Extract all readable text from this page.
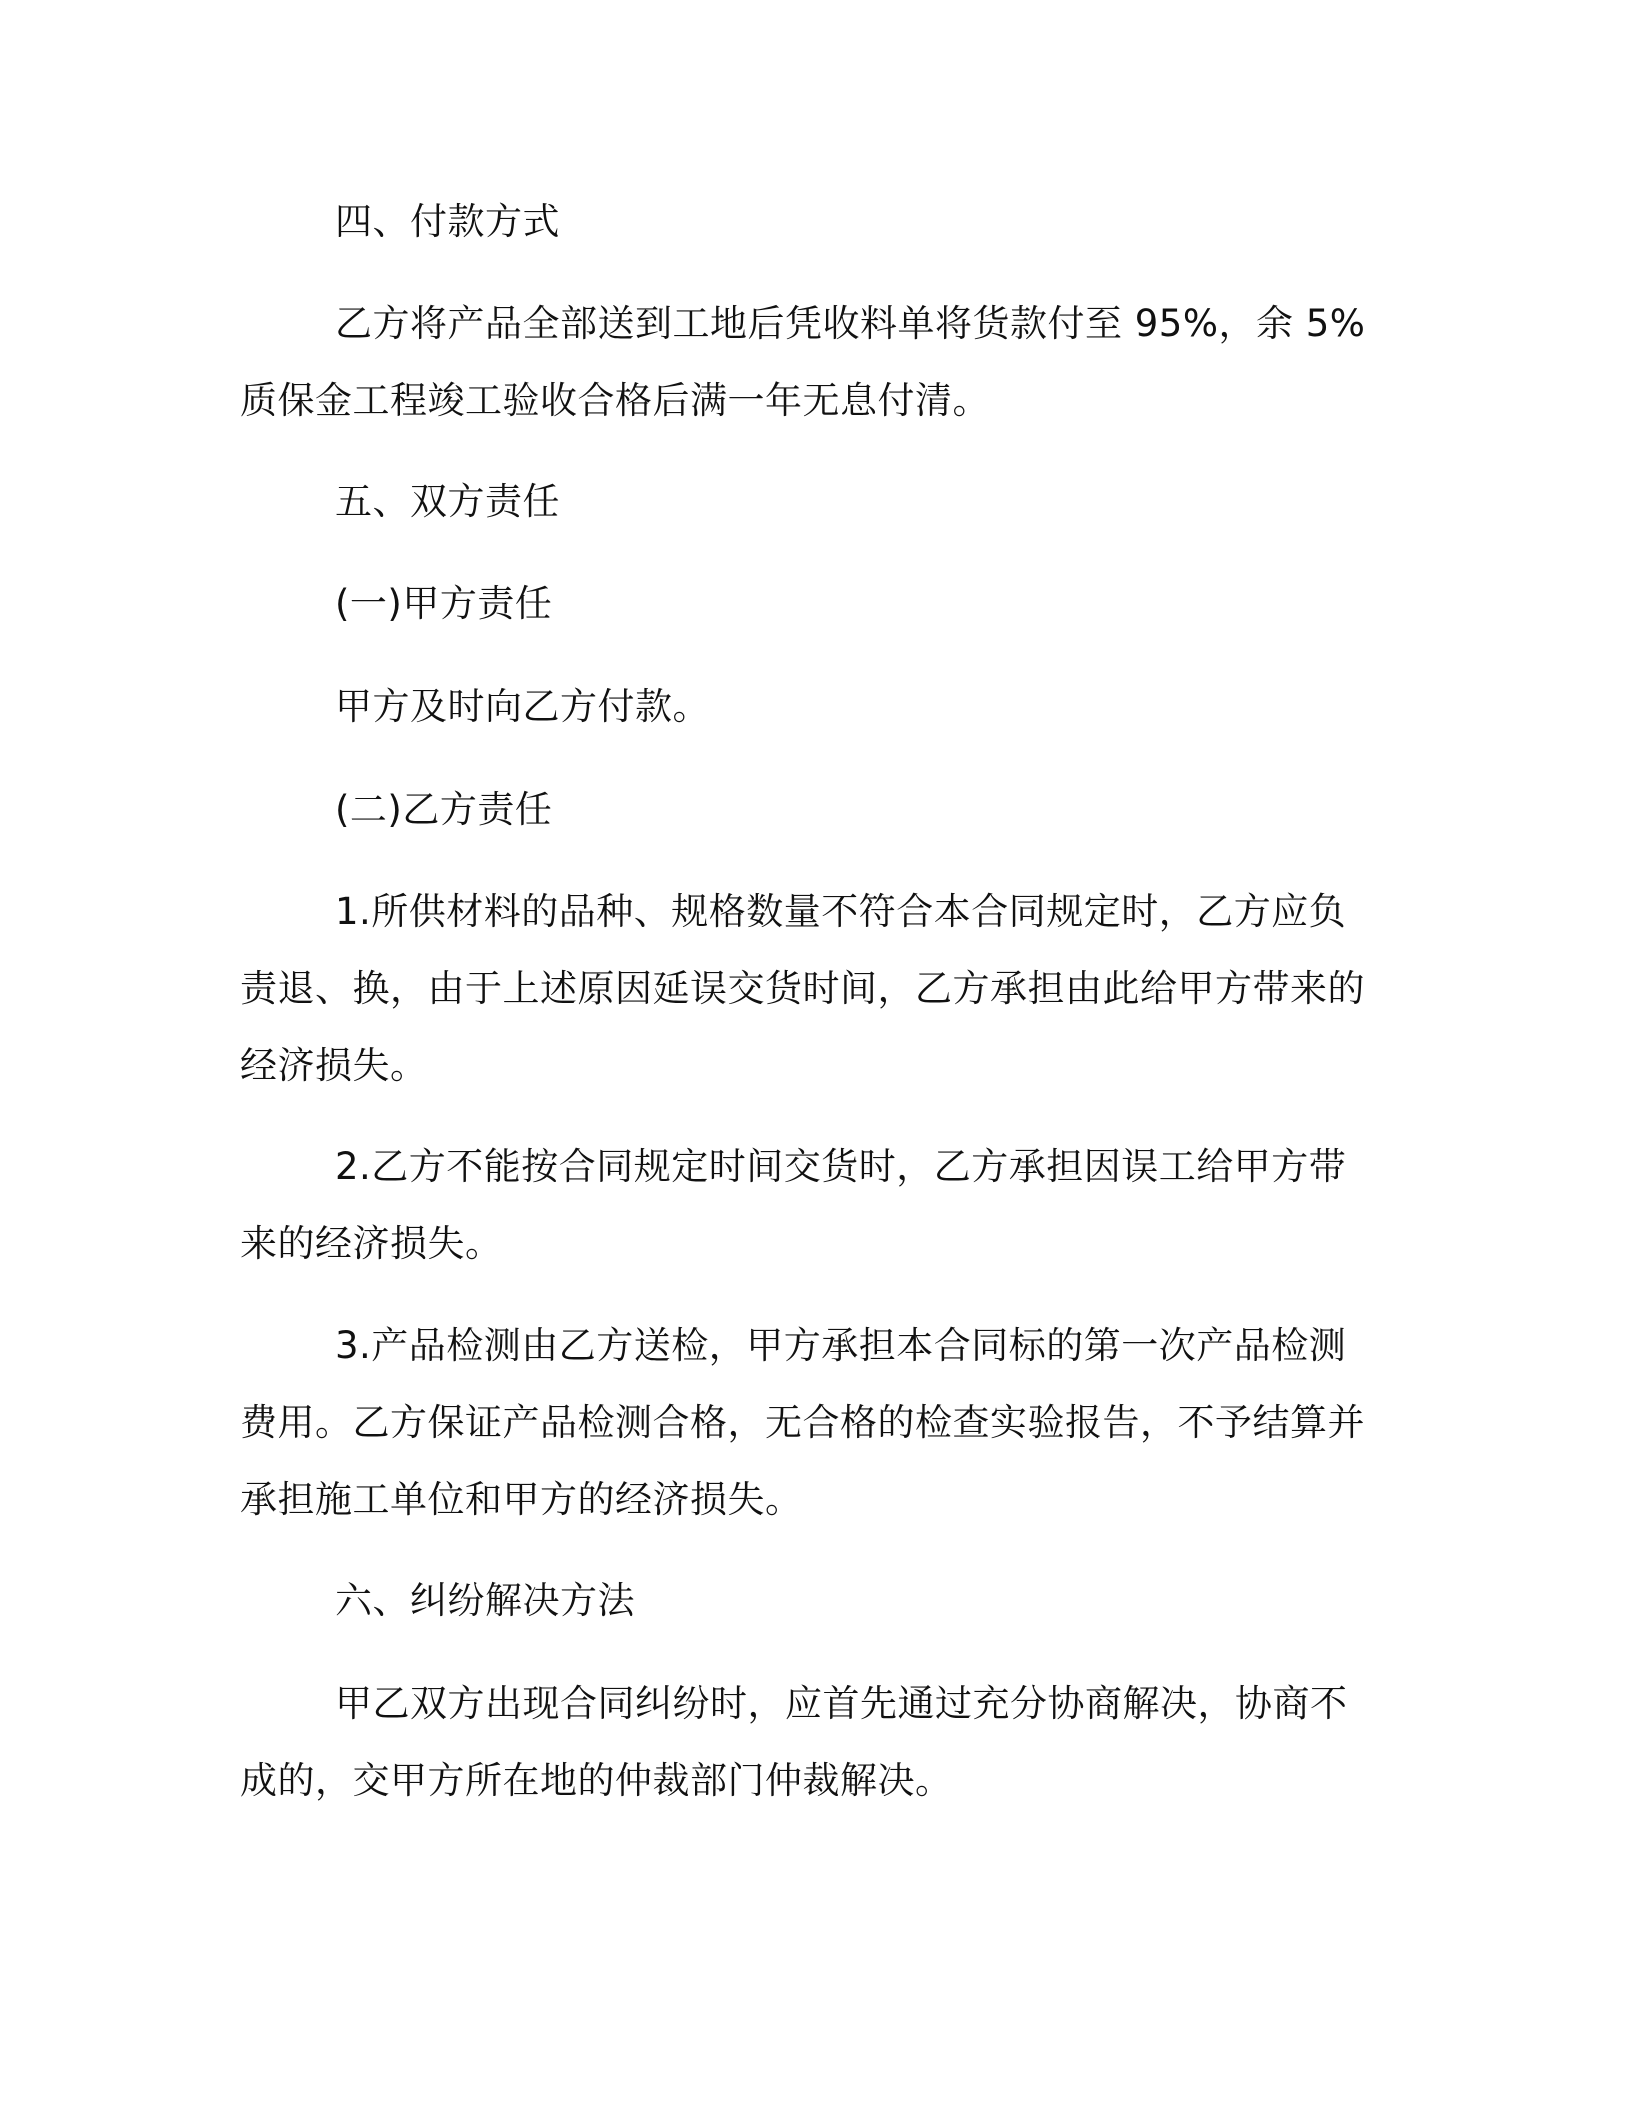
四、付款方式

乙方将产品全部送到工地后凭收料单将货款付至 95%，余 5%质保金工程竣工验收合格后满一年无息付清。

五、双方责任

(一)甲方责任

甲方及时向乙方付款。

(二)乙方责任

1.所供材料的品种、规格数量不符合本合同规定时，乙方应负责退、换，由于上述原因延误交货时间，乙方承担由此给甲方带来的经济损失。

2.乙方不能按合同规定时间交货时，乙方承担因误工给甲方带来的经济损失。

3.产品检测由乙方送检，甲方承担本合同标的第一次产品检测费用。乙方保证产品检测合格，无合格的检查实验报告，不予结算并承担施工单位和甲方的经济损失。

六、纠纷解决方法

甲乙双方出现合同纠纷时，应首先通过充分协商解决，协商不成的，交甲方所在地的仲裁部门仲裁解决。
